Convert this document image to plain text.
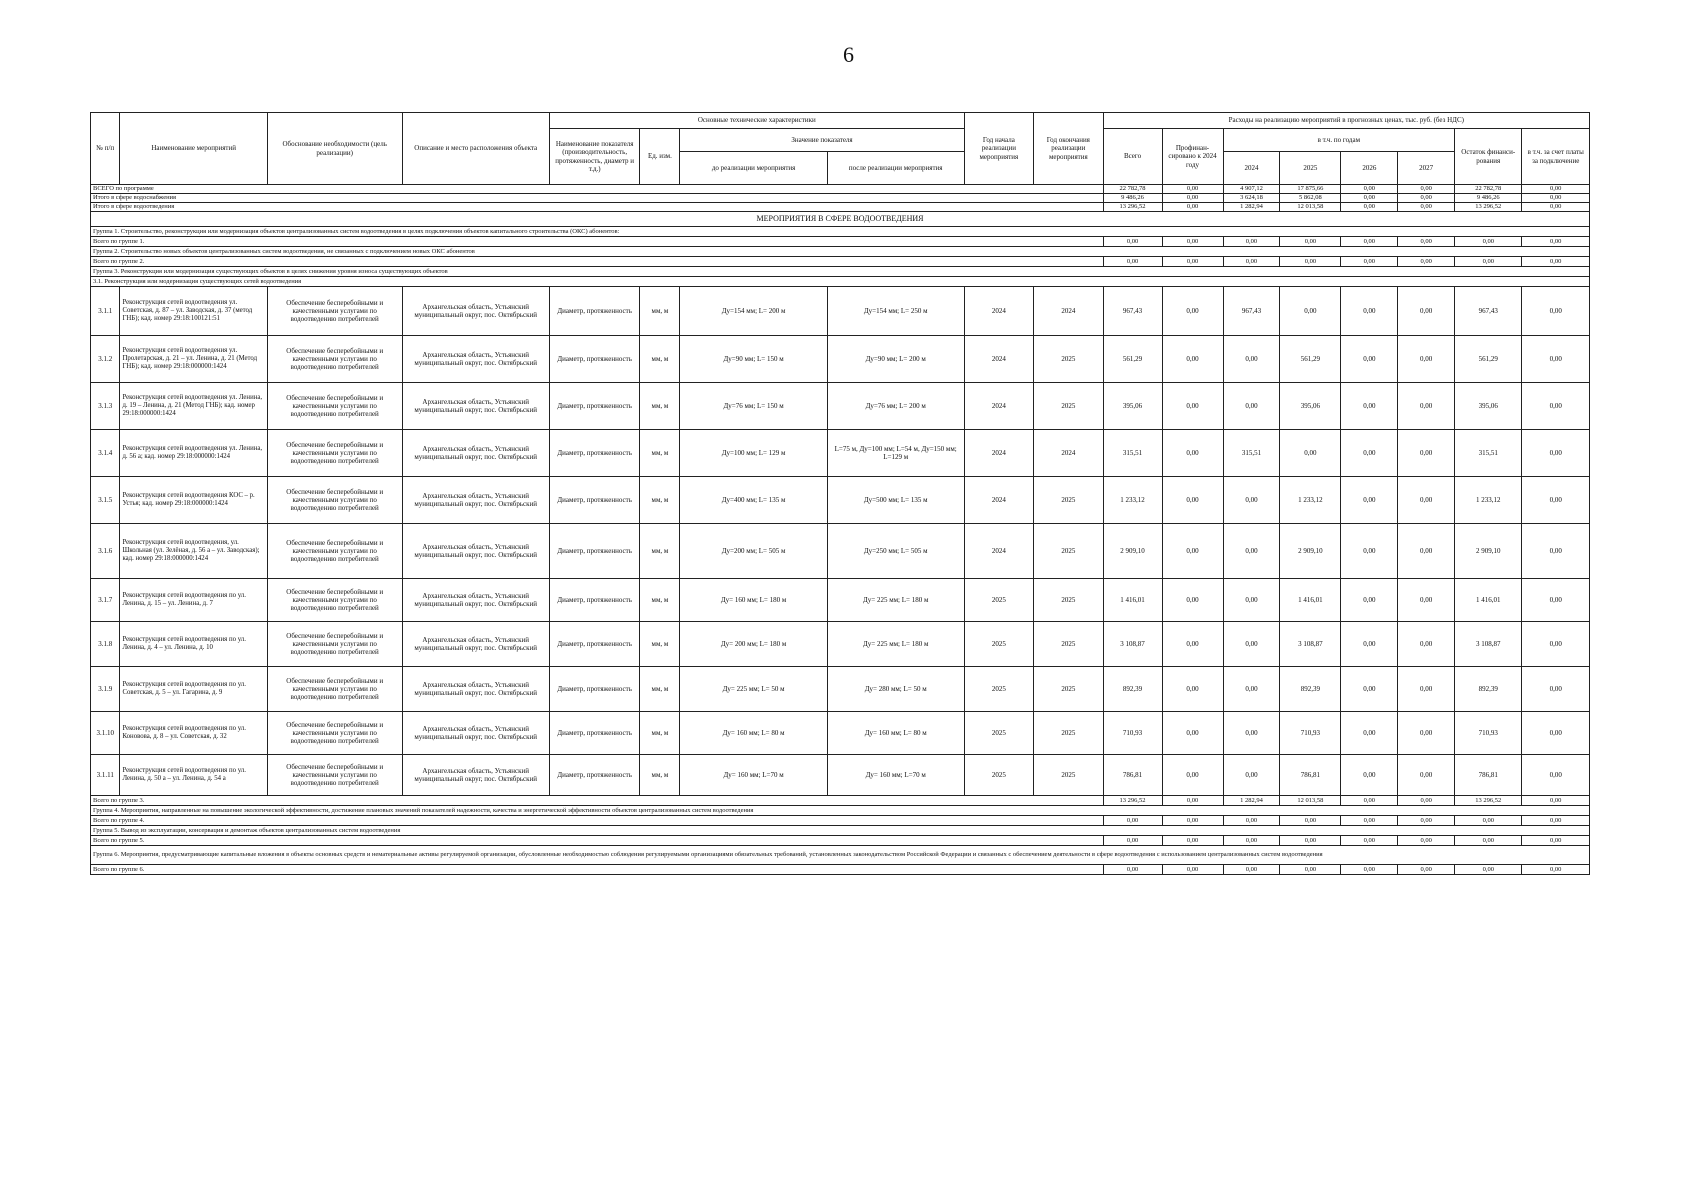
6
№ п/п	Наименование мероприятий	Обоснование необходимости (цель реализации)	Описание и место расположения объекта	Основные технические характеристики				Год начала реализации мероприятия	Год окончания реализации мероприятия	Расходы на реализацию мероприятий в прогнозных ценах, тыс. руб. (без НДС)							
				Наименование показателя (производительность, протяженность, диаметр и т.д.)	Ед. изм.	Значение показателя				Всего	Профинан-сировано к 2024 году	в т.ч. по годам				Остаток финанси-рования	в т.ч. за счет платы за подключение
						до реализации мероприятия	после реализации мероприятия					2024	2025	2026	2027		
ВСЕГО по программе										22 782,78	0,00	4 907,12	17 875,66	0,00	0,00	22 782,78	0,00
Итого в сфере водоснабжения										9 486,26	0,00	3 624,18	5 862,08	0,00	0,00	9 486,26	0,00
Итого в сфере водоотведения										13 296,52	0,00	1 282,94	12 013,58	0,00	0,00	13 296,52	0,00
МЕРОПРИЯТИЯ В СФЕРЕ ВОДООТВЕДЕНИЯ																	
Группа 1. Строительство, реконструкция или модернизация объектов централизованных систем водоотведения в целях подключения объектов капитального строительства (ОКС) абонентов:																	
Всего по группе 1.										0,00	0,00	0,00	0,00	0,00	0,00	0,00	0,00
Группа 2. Строительство новых объектов централизованных систем водоотведения, не связанных с подключением новых ОКС абонентов																	
Всего по группе 2.										0,00	0,00	0,00	0,00	0,00	0,00	0,00	0,00
Группа 3. Реконструкция или модернизация существующих объектов в целях снижения уровня износа существующих объектов																	
3.1. Реконструкция или модернизация существующих сетей водоотведения																	
3.1.1	Реконструкция сетей водоотведения ул. Советская, д. 87 – ул. Заводская, д. 37 (метод ГНБ); кад. номер 29:18:100121:51	Обеспечение бесперебойными и качественными услугами по водоотведению потребителей	Архангельская область, Устьянский муниципальный округ, пос. Октябрьский	Диаметр, протяженность	мм, м	Ду=154 мм; L= 200 м	Ду=154 мм; L= 250 м	2024	2024	967,43	0,00	967,43	0,00	0,00	0,00	967,43	0,00
3.1.2	Реконструкция сетей водоотведения ул. Пролетарская, д. 21 – ул. Ленина, д. 21 (Метод ГНБ); кад. номер 29:18:000000:1424	Обеспечение бесперебойными и качественными услугами по водоотведению потребителей	Архангельская область, Устьянский муниципальный округ, пос. Октябрьский	Диаметр, протяженность	мм, м	Ду=90 мм; L= 150 м	Ду=90 мм; L= 200 м	2024	2025	561,29	0,00	0,00	561,29	0,00	0,00	561,29	0,00
3.1.3	Реконструкция сетей водоотведения ул. Ленина, д. 19 – Ленина, д. 21 (Метод ГНБ); кад. номер 29:18:000000:1424	Обеспечение бесперебойными и качественными услугами по водоотведению потребителей	Архангельская область, Устьянский муниципальный округ, пос. Октябрьский	Диаметр, протяженность	мм, м	Ду=76 мм; L= 150 м	Ду=76 мм; L= 200 м	2024	2025	395,06	0,00	0,00	395,06	0,00	0,00	395,06	0,00
3.1.4	Реконструкция сетей водоотведения ул. Ленина, д. 56 а; кад. номер 29:18:000000:1424	Обеспечение бесперебойными и качественными услугами по водоотведению потребителей	Архангельская область, Устьянский муниципальный округ, пос. Октябрьский	Диаметр, протяженность	мм, м	Ду=100 мм; L= 129 м	L=75 м, Ду=100 мм; L=54 м, Ду=150 мм; L=129 м	2024	2024	315,51	0,00	315,51	0,00	0,00	0,00	315,51	0,00
3.1.5	Реконструкция сетей водоотведения КОС – р. Устья; кад. номер 29:18:000000:1424	Обеспечение бесперебойными и качественными услугами по водоотведению потребителей	Архангельская область, Устьянский муниципальный округ, пос. Октябрьский	Диаметр, протяженность	мм, м	Ду=400 мм; L= 135 м	Ду=500 мм; L= 135 м	2024	2025	1 233,12	0,00	0,00	1 233,12	0,00	0,00	1 233,12	0,00
3.1.6	Реконструкция сетей водоотведения, ул. Школьная (ул. Зелёная, д. 56 а – ул. Заводская); кад. номер 29:18:000000:1424	Обеспечение бесперебойными и качественными услугами по водоотведению потребителей	Архангельская область, Устьянский муниципальный округ, пос. Октябрьский	Диаметр, протяженность	мм, м	Ду=200 мм; L= 505 м	Ду=250 мм; L= 505 м	2024	2025	2 909,10	0,00	0,00	2 909,10	0,00	0,00	2 909,10	0,00
3.1.7	Реконструкция сетей водоотведения по ул. Ленина, д. 15 – ул. Ленина, д. 7	Обеспечение бесперебойными и качественными услугами по водоотведению потребителей	Архангельская область, Устьянский муниципальный округ, пос. Октябрьский	Диаметр, протяженность	мм, м	Ду= 160 мм; L= 180 м	Ду= 225 мм; L= 180 м	2025	2025	1 416,01	0,00	0,00	1 416,01	0,00	0,00	1 416,01	0,00
3.1.8	Реконструкция сетей водоотведения по ул. Ленина, д. 4 – ул. Ленина, д. 10	Обеспечение бесперебойными и качественными услугами по водоотведению потребителей	Архангельская область, Устьянский муниципальный округ, пос. Октябрьский	Диаметр, протяженность	мм, м	Ду= 200 мм; L= 180 м	Ду= 225 мм; L= 180 м	2025	2025	3 108,87	0,00	0,00	3 108,87	0,00	0,00	3 108,87	0,00
3.1.9	Реконструкция сетей водоотведения по ул. Советская, д. 5 – ул. Гагарина, д. 9	Обеспечение бесперебойными и качественными услугами по водоотведению потребителей	Архангельская область, Устьянский муниципальный округ, пос. Октябрьский	Диаметр, протяженность	мм, м	Ду= 225 мм; L= 50 м	Ду= 280 мм; L= 50 м	2025	2025	892,39	0,00	0,00	892,39	0,00	0,00	892,39	0,00
3.1.10	Реконструкция сетей водоотведения по ул. Коновова, д. 8 – ул. Советская, д. 32	Обеспечение бесперебойными и качественными услугами по водоотведению потребителей	Архангельская область, Устьянский муниципальный округ, пос. Октябрьский	Диаметр, протяженность	мм, м	Ду= 160 мм; L= 80 м	Ду= 160 мм; L= 80 м	2025	2025	710,93	0,00	0,00	710,93	0,00	0,00	710,93	0,00
3.1.11	Реконструкция сетей водоотведения по ул. Ленина, д. 50 а – ул. Ленина, д. 54 а	Обеспечение бесперебойными и качественными услугами по водоотведению потребителей	Архангельская область, Устьянский муниципальный округ, пос. Октябрьский	Диаметр, протяженность	мм, м	Ду= 160 мм; L=70 м	Ду= 160 мм; L=70 м	2025	2025	786,81	0,00	0,00	786,81	0,00	0,00	786,81	0,00
Всего по группе 3.										13 296,52	0,00	1 282,94	12 013,58	0,00	0,00	13 296,52	0,00
Группа 4. Мероприятия, направленные на повышение экологической эффективности, достижение плановых значений показателей надежности, качества и энергетической эффективности объектов централизованных систем водоотведения																	
Всего по группе 4.										0,00	0,00	0,00	0,00	0,00	0,00	0,00	0,00
Группа 5. Вывод из эксплуатации, консервация и демонтаж объектов централизованных систем водоотведения																	
Всего по группе 5.										0,00	0,00	0,00	0,00	0,00	0,00	0,00	0,00
Группа 6. Мероприятия, предусматривающие капитальные вложения в объекты основных средств и нематериальные активы регулируемой организации, обусловленные необходимостью соблюдения регулируемыми организациями обязательных требований, установленных законодательством Российской Федерации и связанных с обеспечением деятельности в сфере водоотведения с использованием централизованных систем водоотведения																	
Всего по группе 6.										0,00	0,00	0,00	0,00	0,00	0,00	0,00	0,00
